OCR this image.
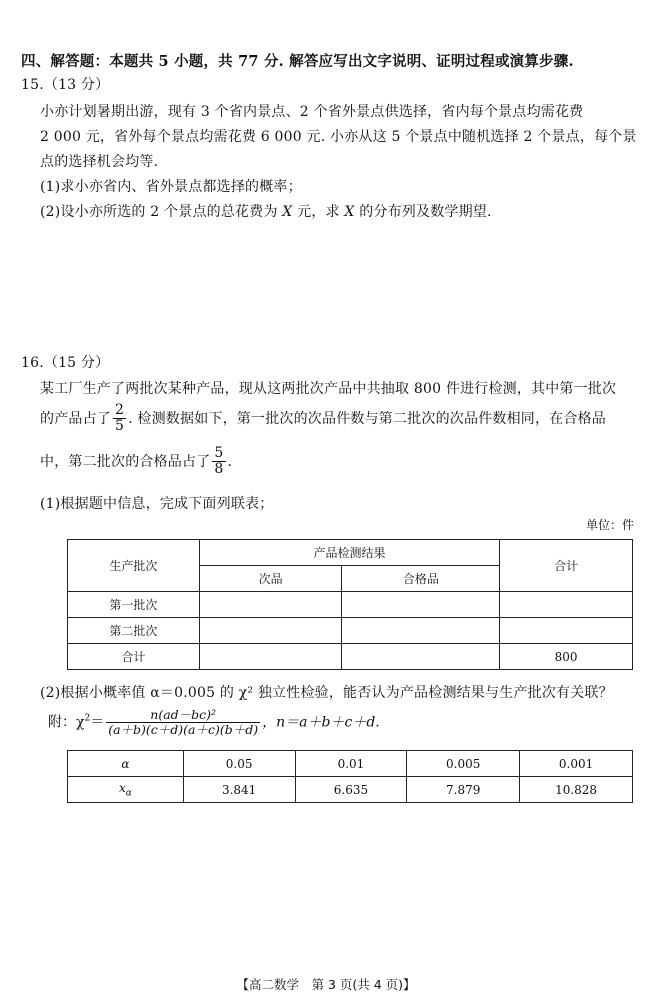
四、解答题：本题共 5 小题，共 77 分. 解答应写出文字说明、证明过程或演算步骤.
15.（13 分）
小亦计划暑期出游，现有 3 个省内景点、2 个省外景点供选择，省内每个景点均需花费
2 000 元，省外每个景点均需花费 6 000 元. 小亦从这 5 个景点中随机选择 2 个景点，每个景
点的选择机会均等.
(1)求小亦省内、省外景点都选择的概率；
(2)设小亦所选的 2 个景点的总花费为 X 元，求 X 的分布列及数学期望.
16.（15 分）
某工厂生产了两批次某种产品，现从这两批次产品中共抽取 800 件进行检测，其中第一批次
的产品占了 $\frac{2}{5}$ . 检测数据如下，第一批次的次品件数与第二批次的次品件数相同，在合格品
中，第二批次的合格品占了 $\frac{5}{8}$ .
(1)根据题中信息，完成下面列联表；
单位：件
生产批次	产品检测结果		合计
	次品	合格品	
第一批次			
第二批次			
合计			800
(2)根据小概率值 α＝0.005 的 χ² 独立性检验，能否认为产品检测结果与生产批次有关联？
附：$\chi^2= \frac{\text{n(ad－bc)²}}{(a+b)(c+d)(a+c)(b+d)}$ ，n＝a＋b＋c＋d.
α	0.05	0.01	0.005	0.001
$x_\alpha$	3.841	6.635	7.879	10.828
【高二数学　第 3 页(共 4 页)】
